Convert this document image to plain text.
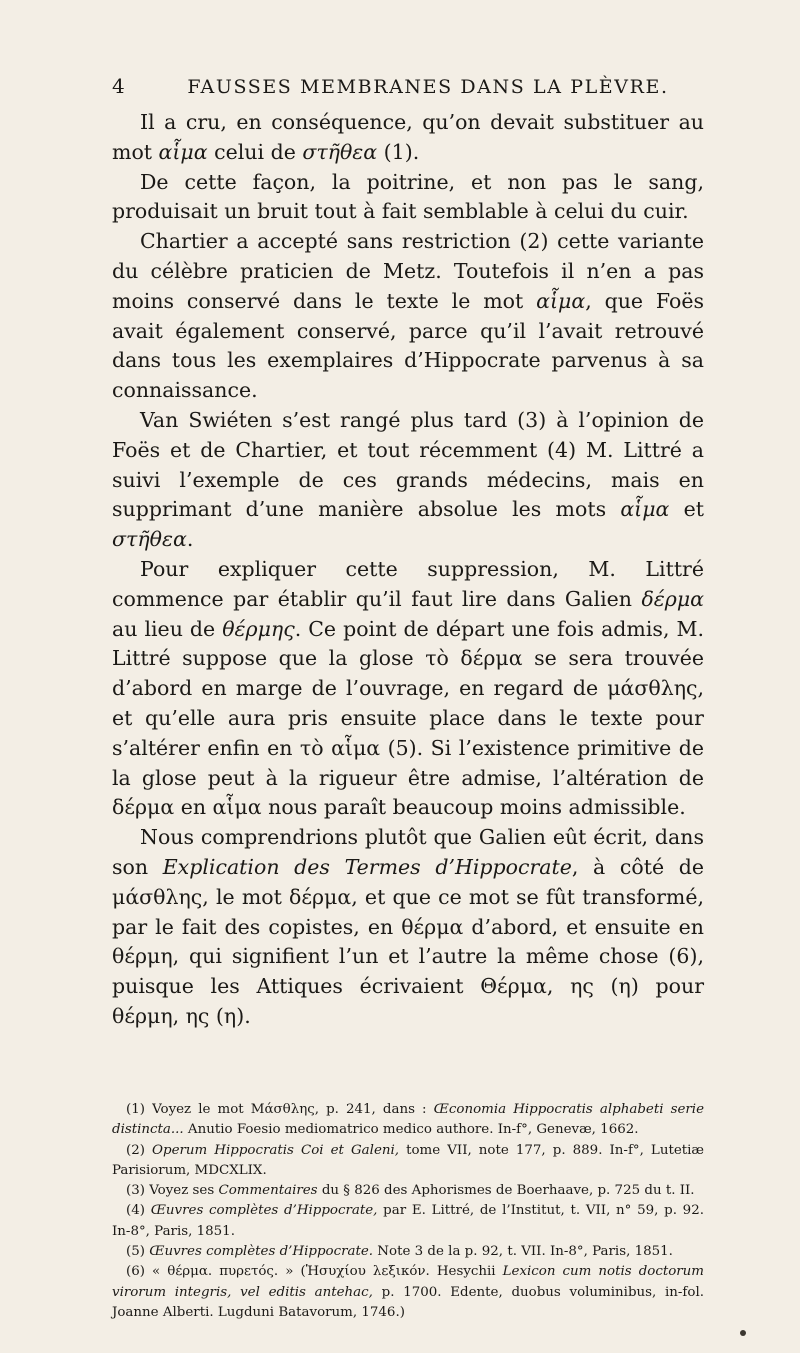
4	FAUSSES MEMBRANES DANS LA PLÈVRE.

Il a cru, en conséquence, qu’on devait substituer au mot αἷμα celui de στῆθεα (1).

De cette façon, la poitrine, et non pas le sang, produisait un bruit tout à fait semblable à celui du cuir.

Chartier a accepté sans restriction (2) cette variante du célèbre praticien de Metz. Toutefois il n’en a pas moins conservé dans le texte le mot αἷμα, que Foës avait également conservé, parce qu’il l’avait retrouvé dans tous les exemplaires d’Hippocrate parvenus à sa connaissance.

Van Swiéten s’est rangé plus tard (3) à l’opinion de Foës et de Chartier, et tout récemment (4) M. Littré a suivi l’exemple de ces grands médecins, mais en supprimant d’une manière absolue les mots αἷμα et στῆθεα.

Pour expliquer cette suppression, M. Littré commence par établir qu’il faut lire dans Galien δέρμα au lieu de θέρμης. Ce point de départ une fois admis, M. Littré suppose que la glose τὸ δέρμα se sera trouvée d’abord en marge de l’ouvrage, en regard de μάσθλης, et qu’elle aura pris ensuite place dans le texte pour s’altérer enfin en τὸ αἷμα (5). Si l’existence primitive de la glose peut à la rigueur être admise, l’altération de δέρμα en αἷμα nous paraît beaucoup moins admissible.

Nous comprendrions plutôt que Galien eût écrit, dans son Explication des Termes d’Hippocrate, à côté de μάσθλης, le mot δέρμα, et que ce mot se fût transformé, par le fait des copistes, en θέρμα d’abord, et ensuite en θέρμη, qui signifient l’un et l’autre la même chose (6), puisque les Attiques écrivaient Θέρμα, ης (η) pour θέρμη, ης (η).

(1) Voyez le mot Μάσθλης, p. 241, dans : Œconomia Hippocratis alphabeti serie distincta... Anutio Foesio mediomatrico medico authore. In-f°, Genevæ, 1662.

(2) Operum Hippocratis Coi et Galeni, tome VII, note 177, p. 889. In-f°, Lutetiæ Parisiorum, MDCXLIX.

(3) Voyez ses Commentaires du § 826 des Aphorismes de Boerhaave, p. 725 du t. II.

(4) Œuvres complètes d’Hippocrate, par E. Littré, de l’Institut, t. VII, n° 59, p. 92. In-8°, Paris, 1851.

(5) Œuvres complètes d’Hippocrate. Note 3 de la p. 92, t. VII. In-8°, Paris, 1851.

(6) « θέρμα. πυρετός. » (Ἡσυχίου λεξικόν. Hesychii Lexicon cum notis doctorum virorum integris, vel editis antehac, p. 1700. Edente, duobus voluminibus, in-fol. Joanne Alberti. Lugduni Batavorum, 1746.)
